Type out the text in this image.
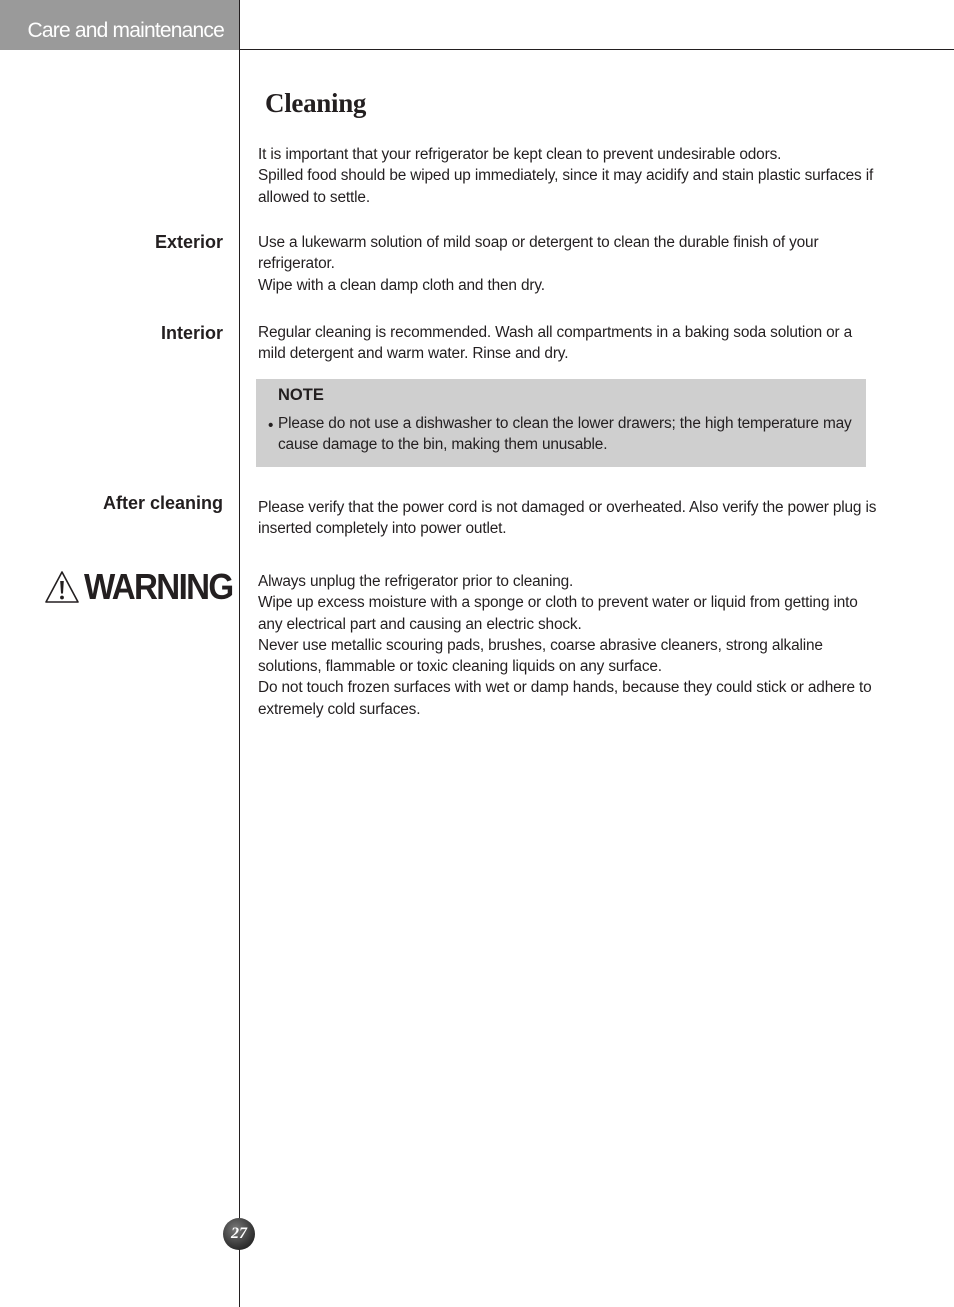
Care and maintenance
Cleaning

It is important that your refrigerator be kept clean to prevent undesirable odors.
Spilled food should be wiped up immediately, since it may acidify and stain plastic surfaces if allowed to settle.

Exterior Use a lukewarm solution of mild soap or detergent to clean the durable finish of your refrigerator.
Wipe with a clean damp cloth and then dry.

Interior Regular cleaning is recommended. Wash all compartments in a baking soda solution or a mild detergent and warm water. Rinse and dry.

NOTE

• Please do not use a dishwasher to clean the lower drawers; the high temperature may cause damage to the bin, making them unusable.

After cleaning Please verify that the power cord is not damaged or overheated. Also verify the power plug is inserted completely into power outlet.

WARNING Always unplug the refrigerator prior to cleaning.
Wipe up excess moisture with a sponge or cloth to prevent water or liquid from getting into any electrical part and causing an electric shock.
Never use metallic scouring pads, brushes, coarse abrasive cleaners, strong alkaline solutions, flammable or toxic cleaning liquids on any surface.
Do not touch frozen surfaces with wet or damp hands, because they could stick or adhere to extremely cold surfaces.

27
